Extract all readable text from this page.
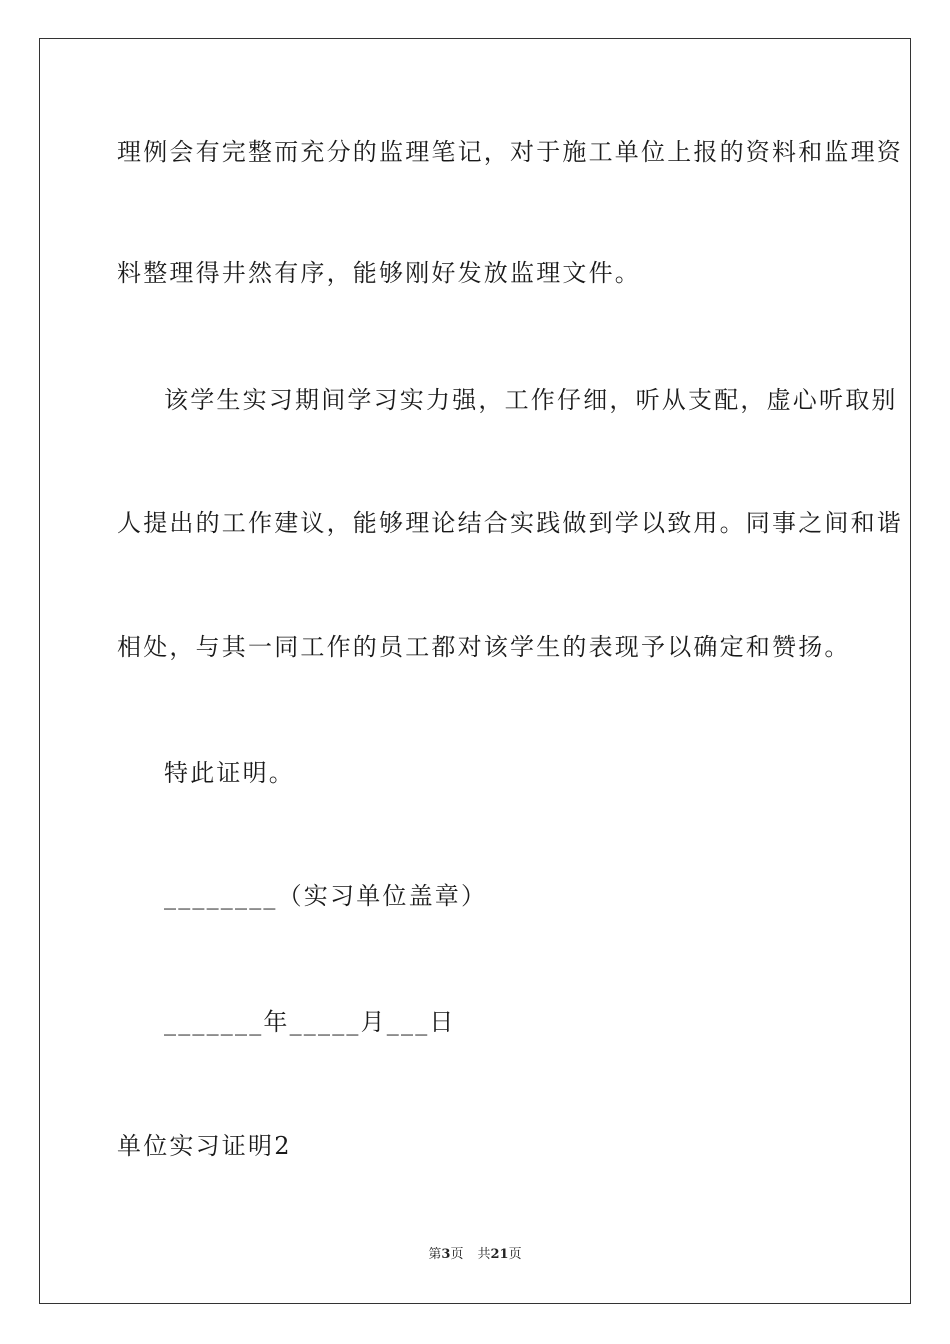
理例会有完整而充分的监理笔记，对于施工单位上报的资料和监理资
料整理得井然有序，能够刚好发放监理文件。
该学生实习期间学习实力强，工作仔细，听从支配，虚心听取别
人提出的工作建议，能够理论结合实践做到学以致用。同事之间和谐
相处，与其一同工作的员工都对该学生的表现予以确定和赞扬。
特此证明。
________（实习单位盖章）
_______年_____月___日
单位实习证明2
第3页 共21页
